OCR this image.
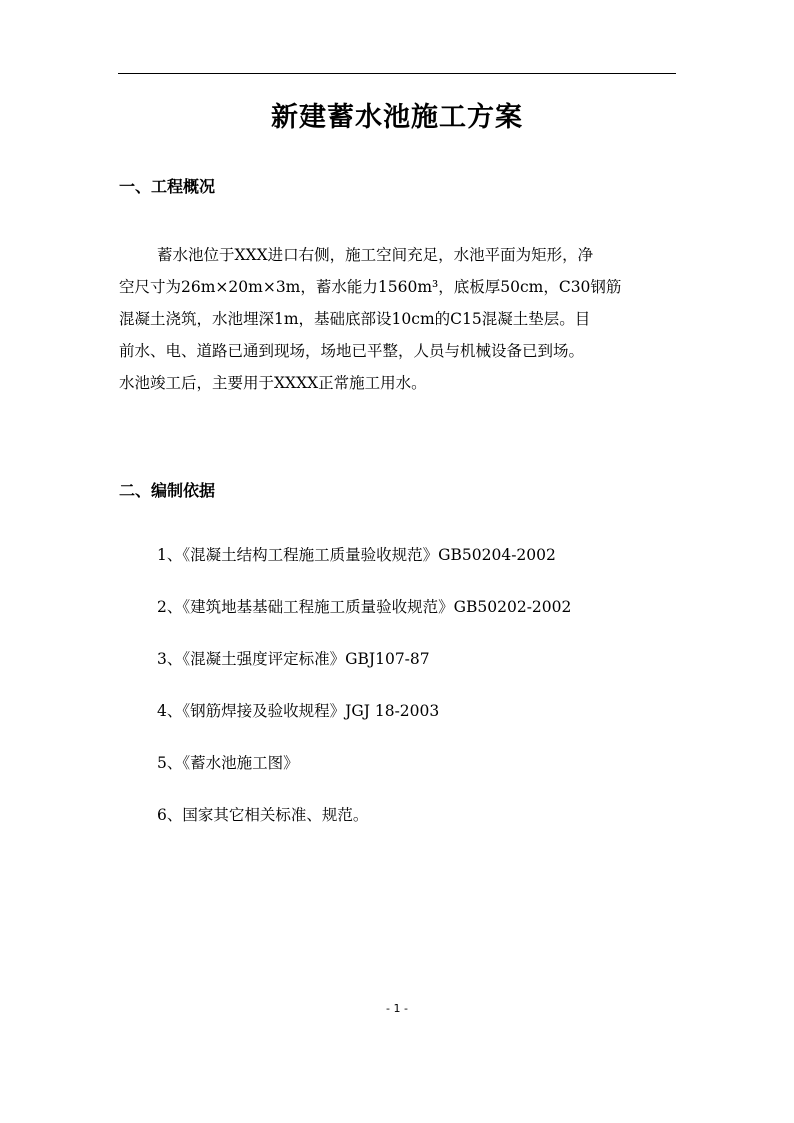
新建蓄水池施工方案
一、工程概况
蓄水池位于XXX进口右侧，施工空间充足，水池平面为矩形，净
空尺寸为26m×20m×3m，蓄水能力1560m³，底板厚50cm，C30钢筋
混凝土浇筑，水池埋深1m，基础底部设10cm的C15混凝土垫层。目
前水、电、道路已通到现场，场地已平整，人员与机械设备已到场。
水池竣工后，主要用于XXXX正常施工用水。
二、编制依据
1、《混凝土结构工程施工质量验收规范》GB50204-2002
2、《建筑地基基础工程施工质量验收规范》GB50202-2002
3、《混凝土强度评定标准》GBJ107-87
4、《钢筋焊接及验收规程》JGJ 18-2003
5、《蓄水池施工图》
6、国家其它相关标准、规范。
- 1 -
